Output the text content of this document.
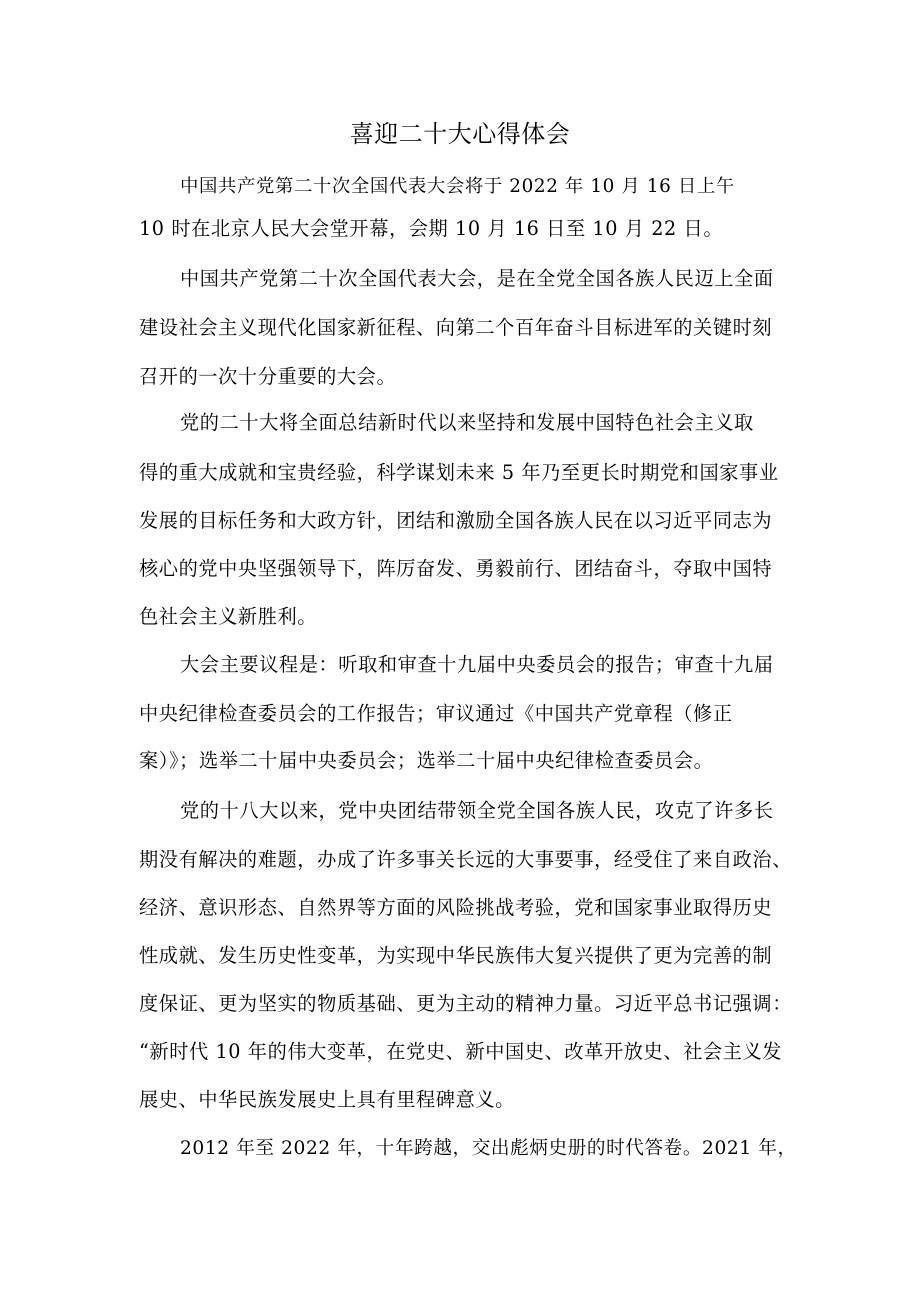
喜迎二十大心得体会
中国共产党第二十次全国代表大会将于 2022 年 10 月 16 日上午
10 时在北京人民大会堂开幕，会期 10 月 16 日至 10 月 22 日。
中国共产党第二十次全国代表大会，是在全党全国各族人民迈上全面
建设社会主义现代化国家新征程、向第二个百年奋斗目标进军的关键时刻
召开的一次十分重要的大会。
党的二十大将全面总结新时代以来坚持和发展中国特色社会主义取
得的重大成就和宝贵经验，科学谋划未来 5 年乃至更长时期党和国家事业
发展的目标任务和大政方针，团结和激励全国各族人民在以习近平同志为
核心的党中央坚强领导下，阵厉奋发、勇毅前行、团结奋斗，夺取中国特
色社会主义新胜利。
大会主要议程是：听取和审查十九届中央委员会的报告；审查十九届
中央纪律检查委员会的工作报告；审议通过《中国共产党章程（修正
案）》；选举二十届中央委员会；选举二十届中央纪律检查委员会。
党的十八大以来，党中央团结带领全党全国各族人民，攻克了许多长
期没有解决的难题，办成了许多事关长远的大事要事，经受住了来自政治、
经济、意识形态、自然界等方面的风险挑战考验，党和国家事业取得历史
性成就、发生历史性变革，为实现中华民族伟大复兴提供了更为完善的制
度保证、更为坚实的物质基础、更为主动的精神力量。习近平总书记强调：
“新时代 10 年的伟大变革，在党史、新中国史、改革开放史、社会主义发
展史、中华民族发展史上具有里程碑意义。
2012 年至 2022 年，十年跨越，交出彪炳史册的时代答卷。2021 年，
